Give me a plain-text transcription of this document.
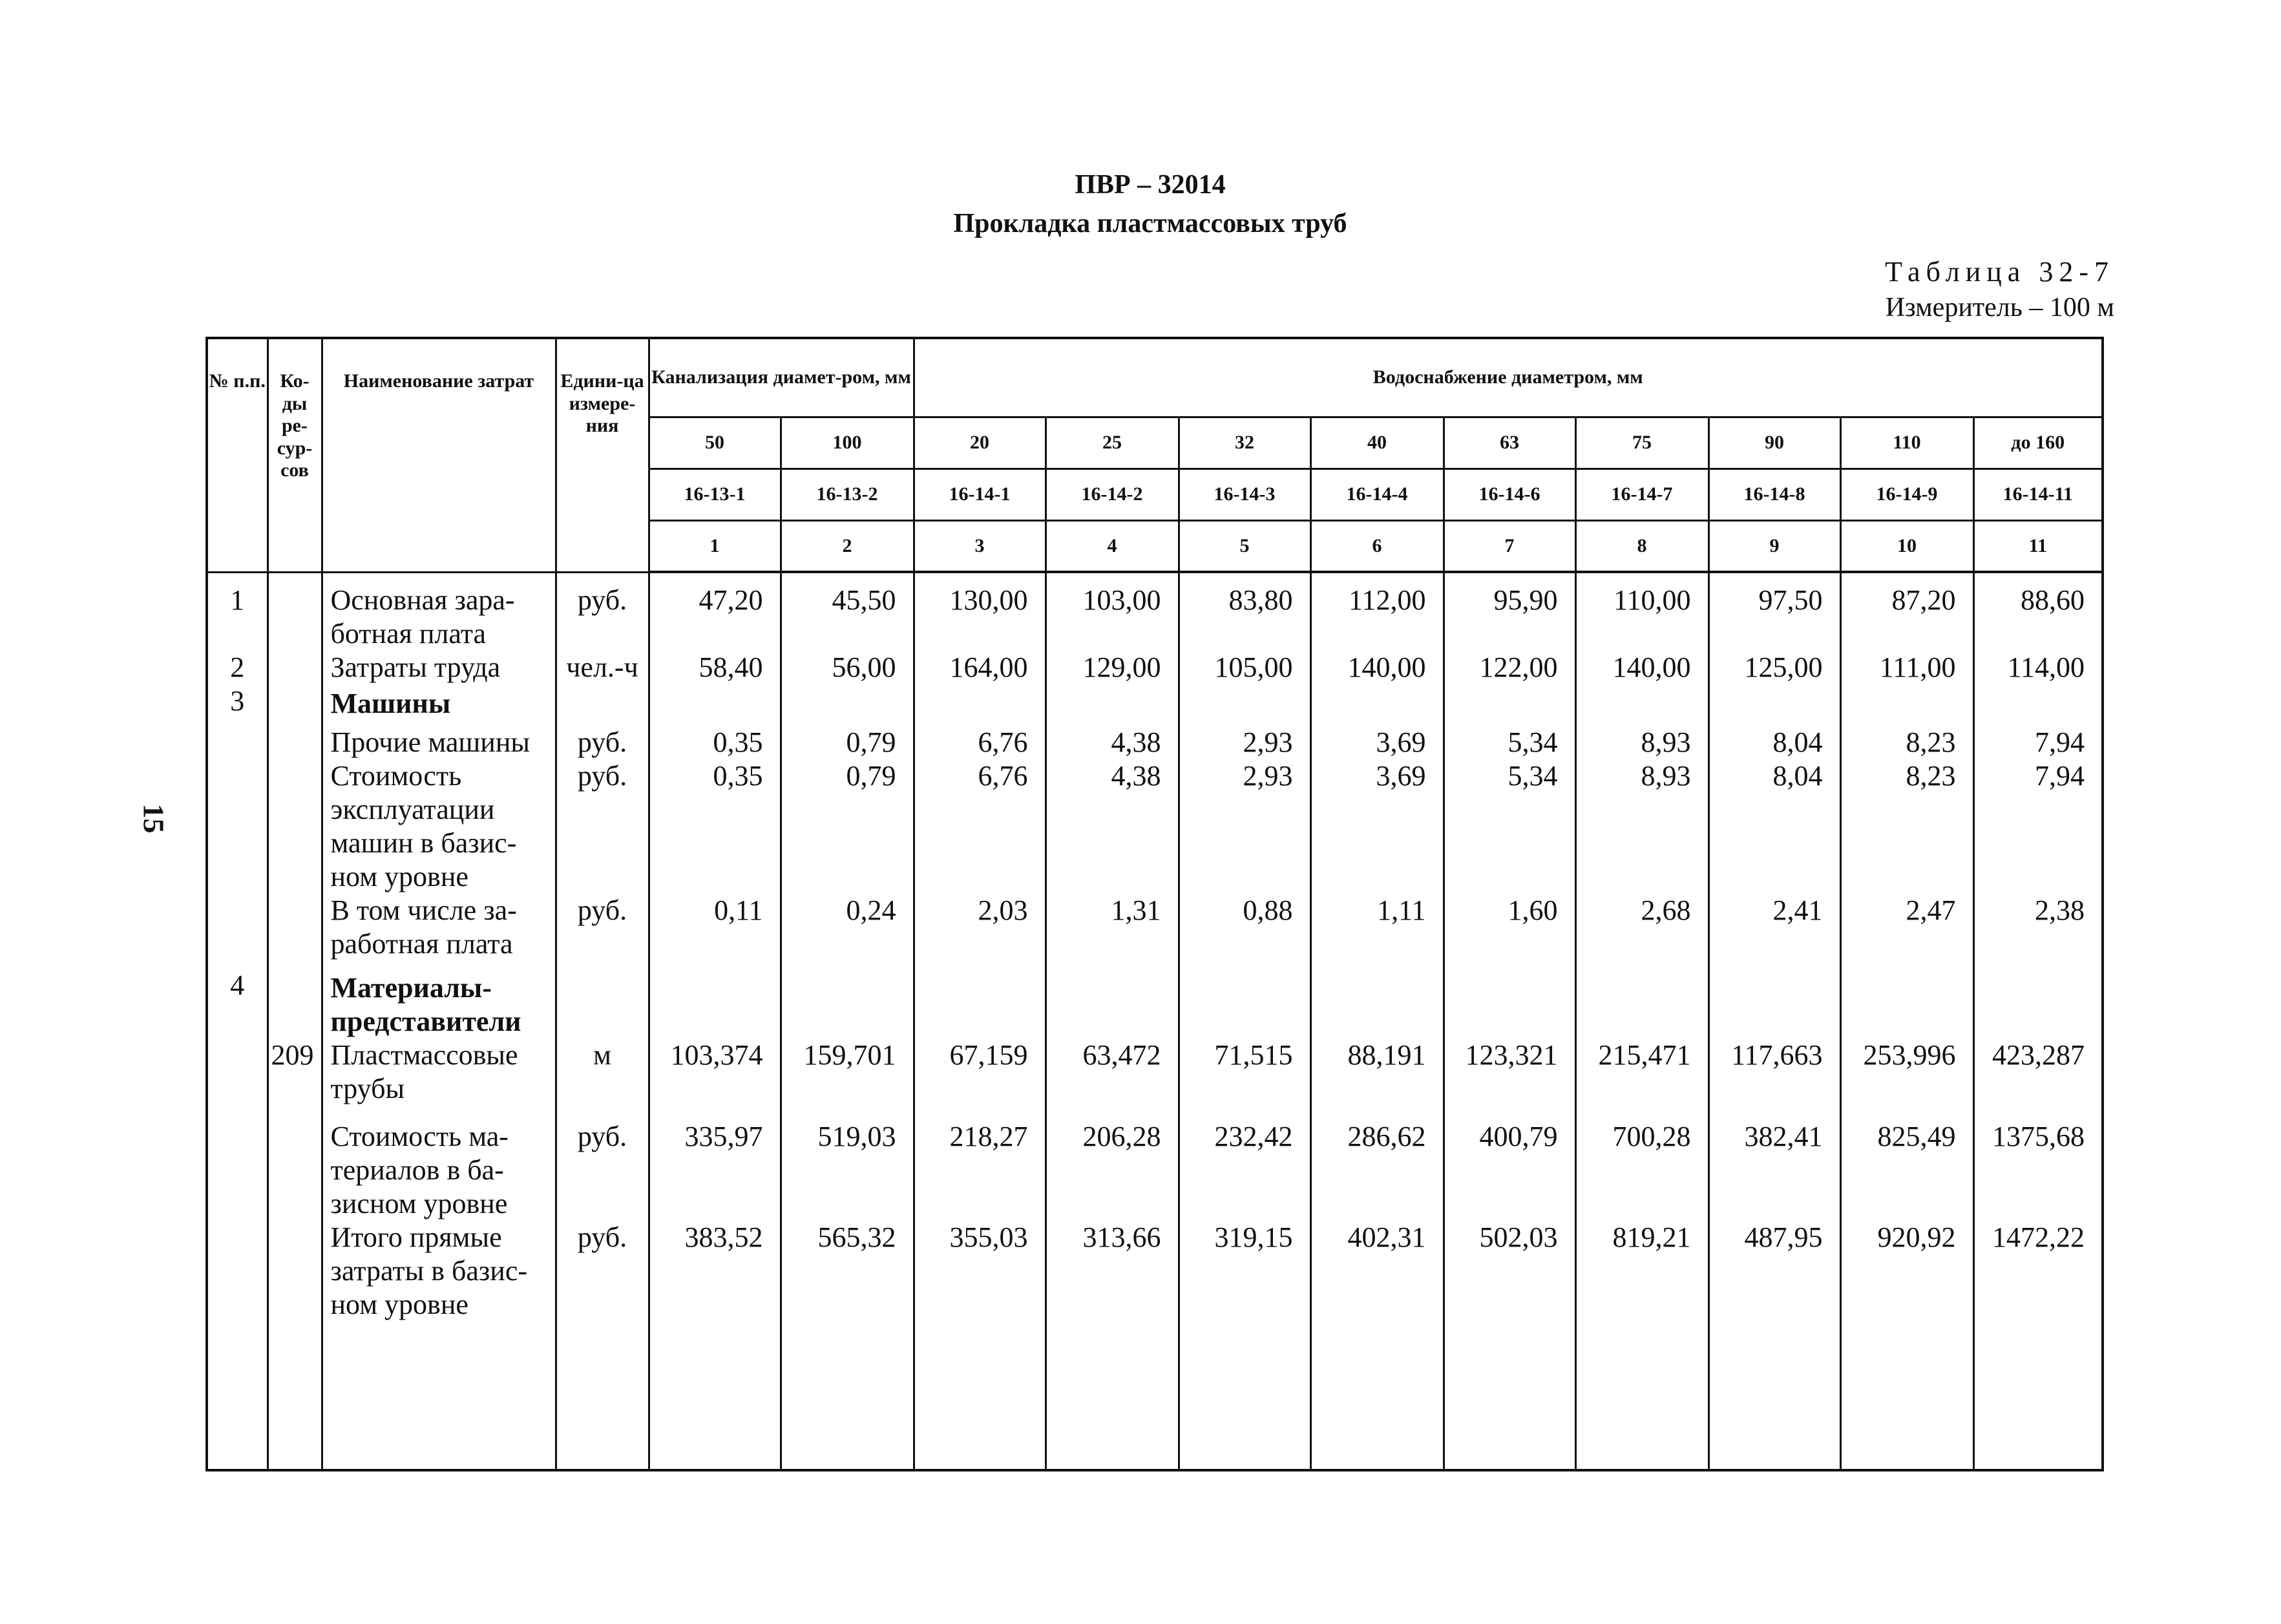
ПВР – 32014
Прокладка пластмассовых труб
Таблица 32-7
Измеритель – 100 м
15
№ п.п.	Ко-ды ре-сур-сов	Наименование затрат	Едини-ца измере-ния	Канализация диамет-ром, мм		Водоснабжение диаметром, мм								
				50	100	20	25	32	40	63	75	90	110	до 160
				16-13-1	16-13-2	16-14-1	16-14-2	16-14-3	16-14-4	16-14-6	16-14-7	16-14-8	16-14-9	16-14-11
				1	2	3	4	5	6	7	8	9	10	11

1		Основная зара-ботная плата	руб.	47,20	45,50	130,00	103,00	83,80	112,00	95,90	110,00	97,50	87,20	88,60
2		Затраты труда	чел.-ч	58,40	56,00	164,00	129,00	105,00	140,00	122,00	140,00	125,00	111,00	114,00
3		Машины												
		Прочие машины	руб.	0,35	0,79	6,76	4,38	2,93	3,69	5,34	8,93	8,04	8,23	7,94
		Стоимость эксплуатации машин в базис-ном уровне	руб.	0,35	0,79	6,76	4,38	2,93	3,69	5,34	8,93	8,04	8,23	7,94
		В том числе за-работная плата	руб.	0,11	0,24	2,03	1,31	0,88	1,11	1,60	2,68	2,41	2,47	2,38
4		Материалы-представители												
	209	Пластмассовые трубы	м	103,374	159,701	67,159	63,472	71,515	88,191	123,321	215,471	117,663	253,996	423,287
		Стоимость ма-териалов в ба-зисном уровне	руб.	335,97	519,03	218,27	206,28	232,42	286,62	400,79	700,28	382,41	825,49	1375,68
		Итого прямые затраты в базис-ном уровне	руб.	383,52	565,32	355,03	313,66	319,15	402,31	502,03	819,21	487,95	920,92	1472,22
